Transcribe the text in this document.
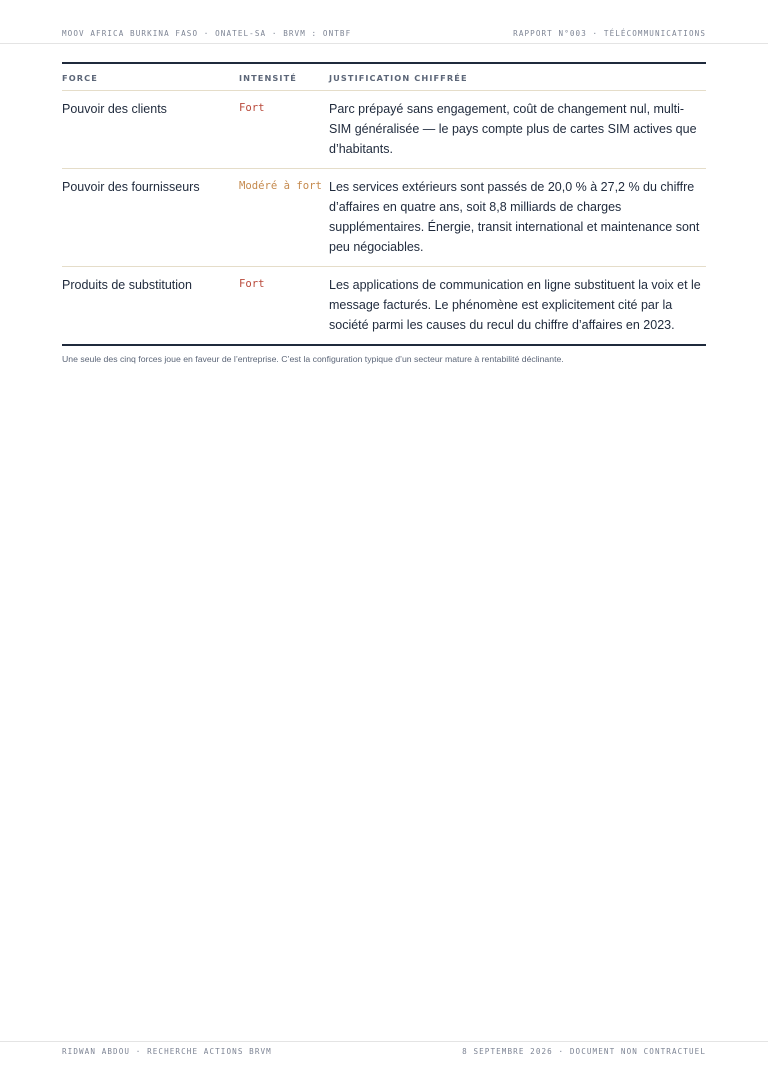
MOOV AFRICA BURKINA FASO · ONATEL-SA · BRVM : ONTBF	RAPPORT N°003 · TÉLÉCOMMUNICATIONS
FORCE	INTENSITÉ	JUSTIFICATION CHIFFRÉE
Pouvoir des clients	Fort	Parc prépayé sans engagement, coût de changement nul, multi-SIM généralisée — le pays compte plus de cartes SIM actives que d’habitants.
Pouvoir des fournisseurs	Modéré à fort	Les services extérieurs sont passés de 20,0 % à 27,2 % du chiffre d’affaires en quatre ans, soit 8,8 milliards de charges supplémentaires. Énergie, transit international et maintenance sont peu négociables.
Produits de substitution	Fort	Les applications de communication en ligne substituent la voix et le message facturés. Le phénomène est explicitement cité par la société parmi les causes du recul du chiffre d’affaires en 2023.
Une seule des cinq forces joue en faveur de l’entreprise. C’est la configuration typique d’un secteur mature à rentabilité déclinante.
RIDWAN ABDOU · RECHERCHE ACTIONS BRVM	8 SEPTEMBRE 2026 · DOCUMENT NON CONTRACTUEL
